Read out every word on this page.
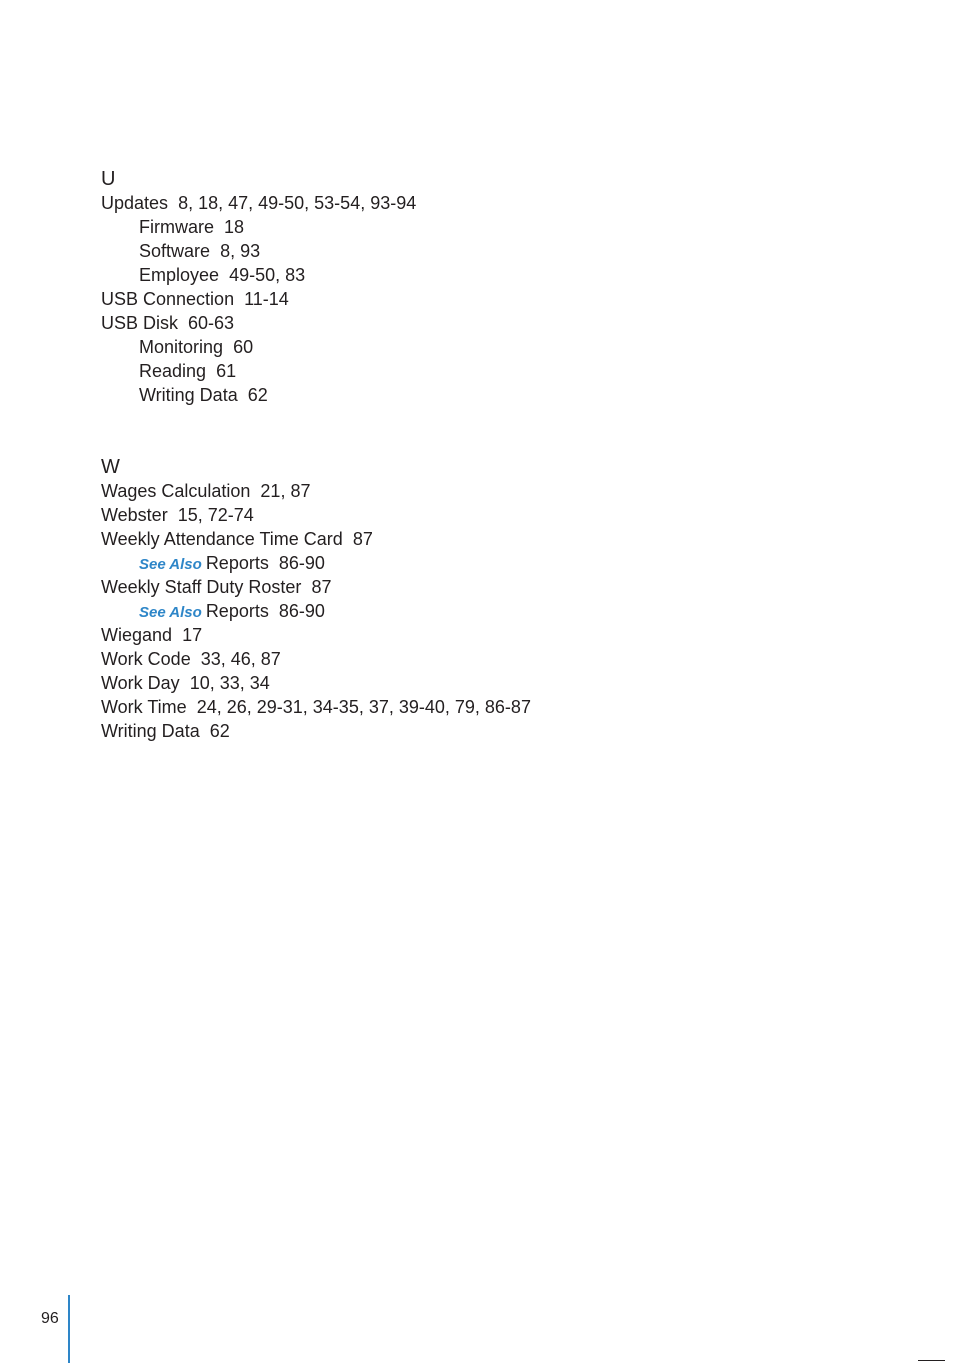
U
Updates 8, 18, 47, 49-50, 53-54, 93-94
Firmware 18
Software 8, 93
Employee 49-50, 83
USB Connection 11-14
USB Disk 60-63
Monitoring 60
Reading 61
Writing Data 62
W
Wages Calculation 21, 87
Webster 15, 72-74
Weekly Attendance Time Card 87
See Also Reports 86-90
Weekly Staff Duty Roster 87
See Also Reports 86-90
Wiegand 17
Work Code 33, 46, 87
Work Day 10, 33, 34
Work Time 24, 26, 29-31, 34-35, 37, 39-40, 79, 86-87
Writing Data 62
96
